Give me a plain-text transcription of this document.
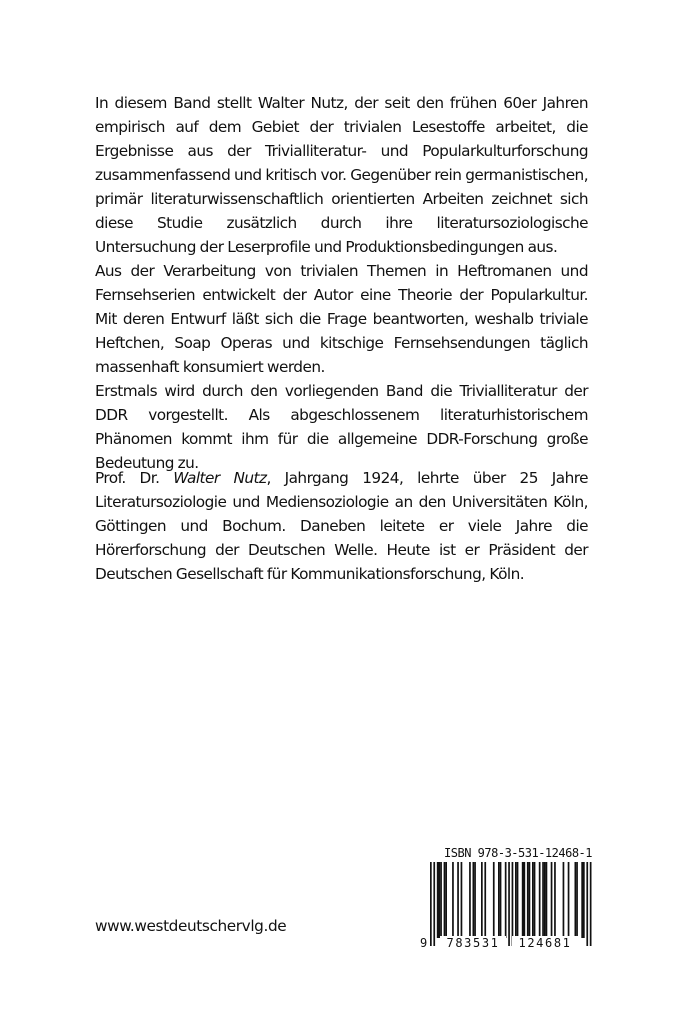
In diesem Band stellt Walter Nutz, der seit den frühen 60er Jahren empirisch auf dem Gebiet der trivialen Lesestoffe arbeitet, die Ergebnisse aus der Trivialliteratur- und Popularkulturforschung zusammenfassend und kritisch vor. Gegenüber rein germanistischen, primär literaturwissenschaftlich orientierten Arbeiten zeichnet sich diese Studie zusätzlich durch ihre literatursoziologische Untersuchung der Leserprofile und Produktionsbedingungen aus.

Aus der Verarbeitung von trivialen Themen in Heftromanen und Fernsehserien entwickelt der Autor eine Theorie der Popularkultur. Mit deren Entwurf läßt sich die Frage beantworten, weshalb triviale Heftchen, Soap Operas und kitschige Fernsehsendungen täglich massenhaft konsumiert werden.

Erstmals wird durch den vorliegenden Band die Trivialliteratur der DDR vorgestellt. Als abgeschlossenem literaturhistorischem Phänomen kommt ihm für die allgemeine DDR-Forschung große Bedeutung zu.

Prof. Dr. Walter Nutz, Jahrgang 1924, lehrte über 25 Jahre Literatursoziologie und Mediensoziologie an den Universitäten Köln, Göttingen und Bochum. Daneben leitete er viele Jahre die Hörerforschung der Deutschen Welle. Heute ist er Präsident der Deutschen Gesellschaft für Kommunikationsforschung, Köln.

www.westdeutschervlg.de
ISBN 978-3-531-12468-1
9	783531	124681
